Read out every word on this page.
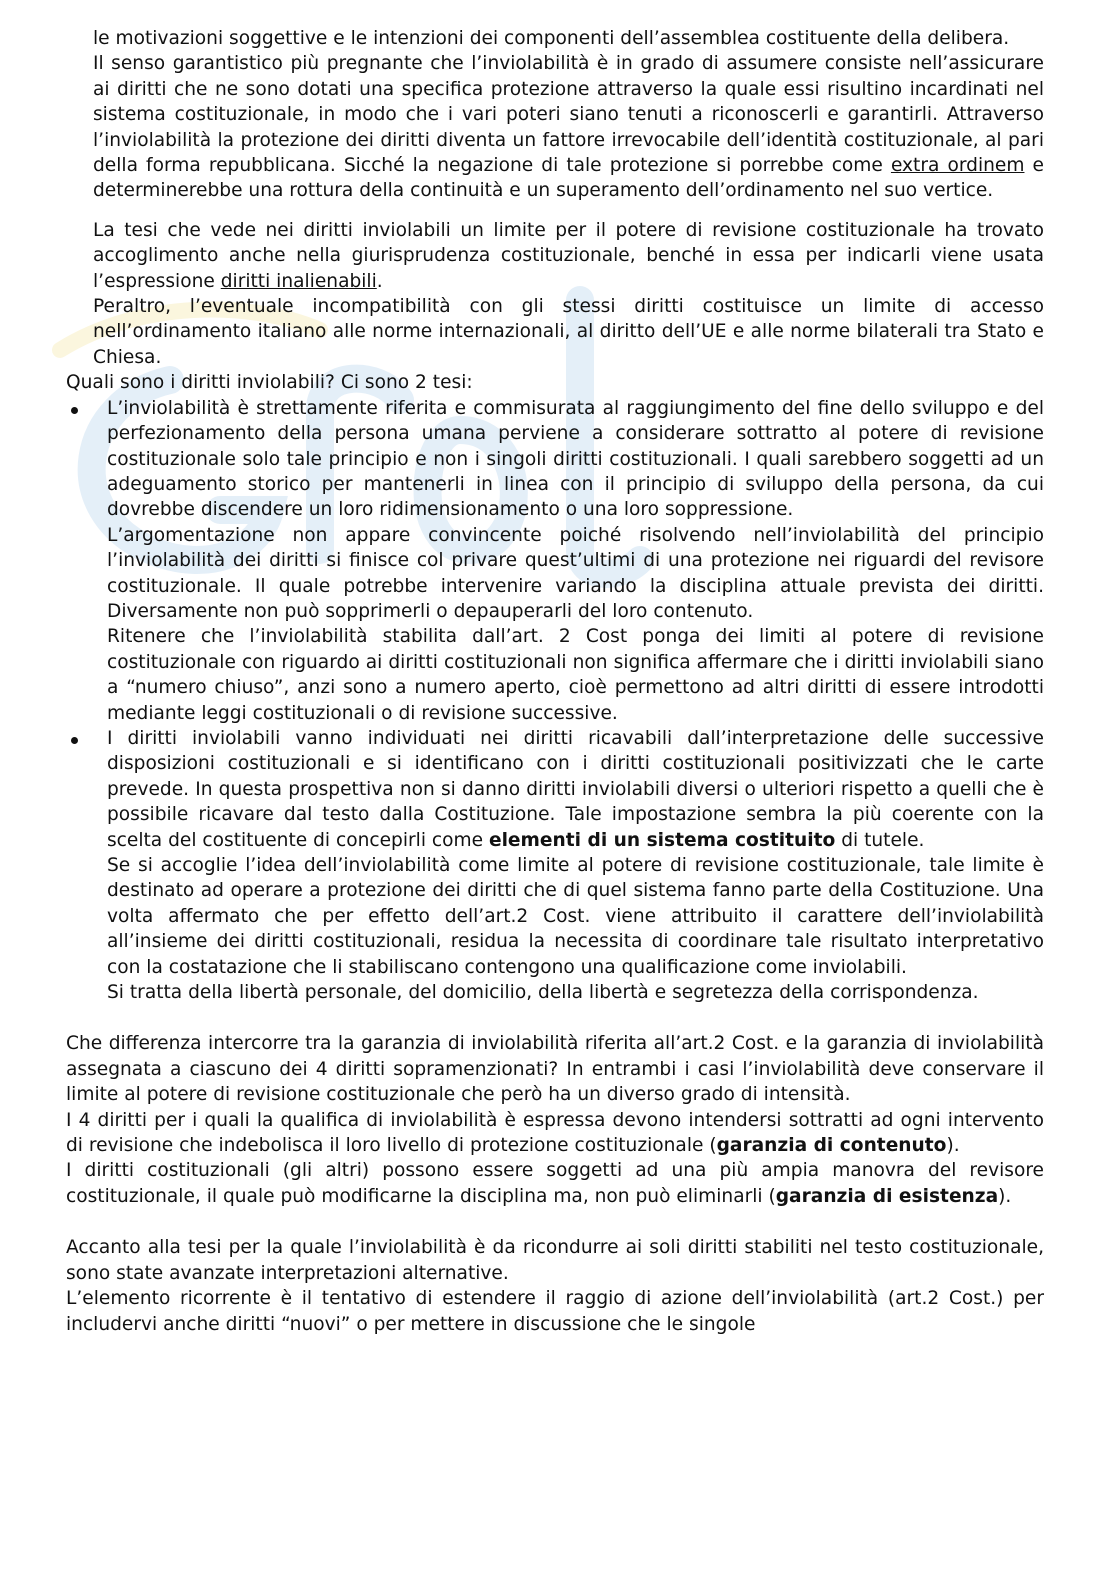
le motivazioni soggettive e le intenzioni dei componenti dell’assemblea costituente della delibera.

Il senso garantistico più pregnante che l’inviolabilità è in grado di assumere consiste nell’assicurare ai diritti che ne sono dotati una specifica protezione attraverso la quale essi risultino incardinati nel sistema costituzionale, in modo che i vari poteri siano tenuti a riconoscerli e garantirli. Attraverso l’inviolabilità la protezione dei diritti diventa un fattore irrevocabile dell’identità costituzionale, al pari della forma repubblicana. Sicché la negazione di tale protezione si porrebbe come extra ordinem e determinerebbe una rottura della continuità e un superamento dell’ordinamento nel suo vertice.

La tesi che vede nei diritti inviolabili un limite per il potere di revisione costituzionale ha trovato accoglimento anche nella giurisprudenza costituzionale, benché in essa per indicarli viene usata l’espressione diritti inalienabili.

Peraltro, l’eventuale incompatibilità con gli stessi diritti costituisce un limite di accesso nell’ordinamento italiano alle norme internazionali, al diritto dell’UE e alle norme bilaterali tra Stato e Chiesa.

Quali sono i diritti inviolabili? Ci sono 2 tesi:

L’inviolabilità è strettamente riferita e commisurata al raggiungimento del fine dello sviluppo e del perfezionamento della persona umana perviene a considerare sottratto al potere di revisione costituzionale solo tale principio e non i singoli diritti costituzionali. I quali sarebbero soggetti ad un adeguamento storico per mantenerli in linea con il principio di sviluppo della persona, da cui dovrebbe discendere un loro ridimensionamento o una loro soppressione.

L’argomentazione non appare convincente poiché risolvendo nell’inviolabilità del principio l’inviolabilità dei diritti si finisce col privare quest’ultimi di una protezione nei riguardi del revisore costituzionale. Il quale potrebbe intervenire variando la disciplina attuale prevista dei diritti. Diversamente non può sopprimerli o depauperarli del loro contenuto.

Ritenere che l’inviolabilità stabilita dall’art. 2 Cost ponga dei limiti al potere di revisione costituzionale con riguardo ai diritti costituzionali non significa affermare che i diritti inviolabili siano a “numero chiuso”, anzi sono a numero aperto, cioè permettono ad altri diritti di essere introdotti mediante leggi costituzionali o di revisione successive.

I diritti inviolabili vanno individuati nei diritti ricavabili dall’interpretazione delle successive disposizioni costituzionali e si identificano con i diritti costituzionali positivizzati che le carte prevede. In questa prospettiva non si danno diritti inviolabili diversi o ulteriori rispetto a quelli che è possibile ricavare dal testo dalla Costituzione. Tale impostazione sembra la più coerente con la scelta del costituente di concepirli come elementi di un sistema costituito di tutele.

Se si accoglie l’idea dell’inviolabilità come limite al potere di revisione costituzionale, tale limite è destinato ad operare a protezione dei diritti che di quel sistema fanno parte della Costituzione. Una volta affermato che per effetto dell’art.2 Cost. viene attribuito il carattere dell’inviolabilità all’insieme dei diritti costituzionali, residua la necessita di coordinare tale risultato interpretativo con la costatazione che li stabiliscano contengono una qualificazione come inviolabili.

Si tratta della libertà personale, del domicilio, della libertà e segretezza della corrispondenza.

Che differenza intercorre tra la garanzia di inviolabilità riferita all’art.2 Cost. e la garanzia di inviolabilità assegnata a ciascuno dei 4 diritti sopramenzionati? In entrambi i casi l’inviolabilità deve conservare il limite al potere di revisione costituzionale che però ha un diverso grado di intensità.

I 4 diritti per i quali la qualifica di inviolabilità è espressa devono intendersi sottratti ad ogni intervento di revisione che indebolisca il loro livello di protezione costituzionale (garanzia di contenuto).

I diritti costituzionali (gli altri) possono essere soggetti ad una più ampia manovra del revisore costituzionale, il quale può modificarne la disciplina ma, non può eliminarli (garanzia di esistenza).

Accanto alla tesi per la quale l’inviolabilità è da ricondurre ai soli diritti stabiliti nel testo costituzionale, sono state avanzate interpretazioni alternative.

L’elemento ricorrente è il tentativo di estendere il raggio di azione dell’inviolabilità (art.2 Cost.) per includervi anche diritti “nuovi” o per mettere in discussione che le singole
